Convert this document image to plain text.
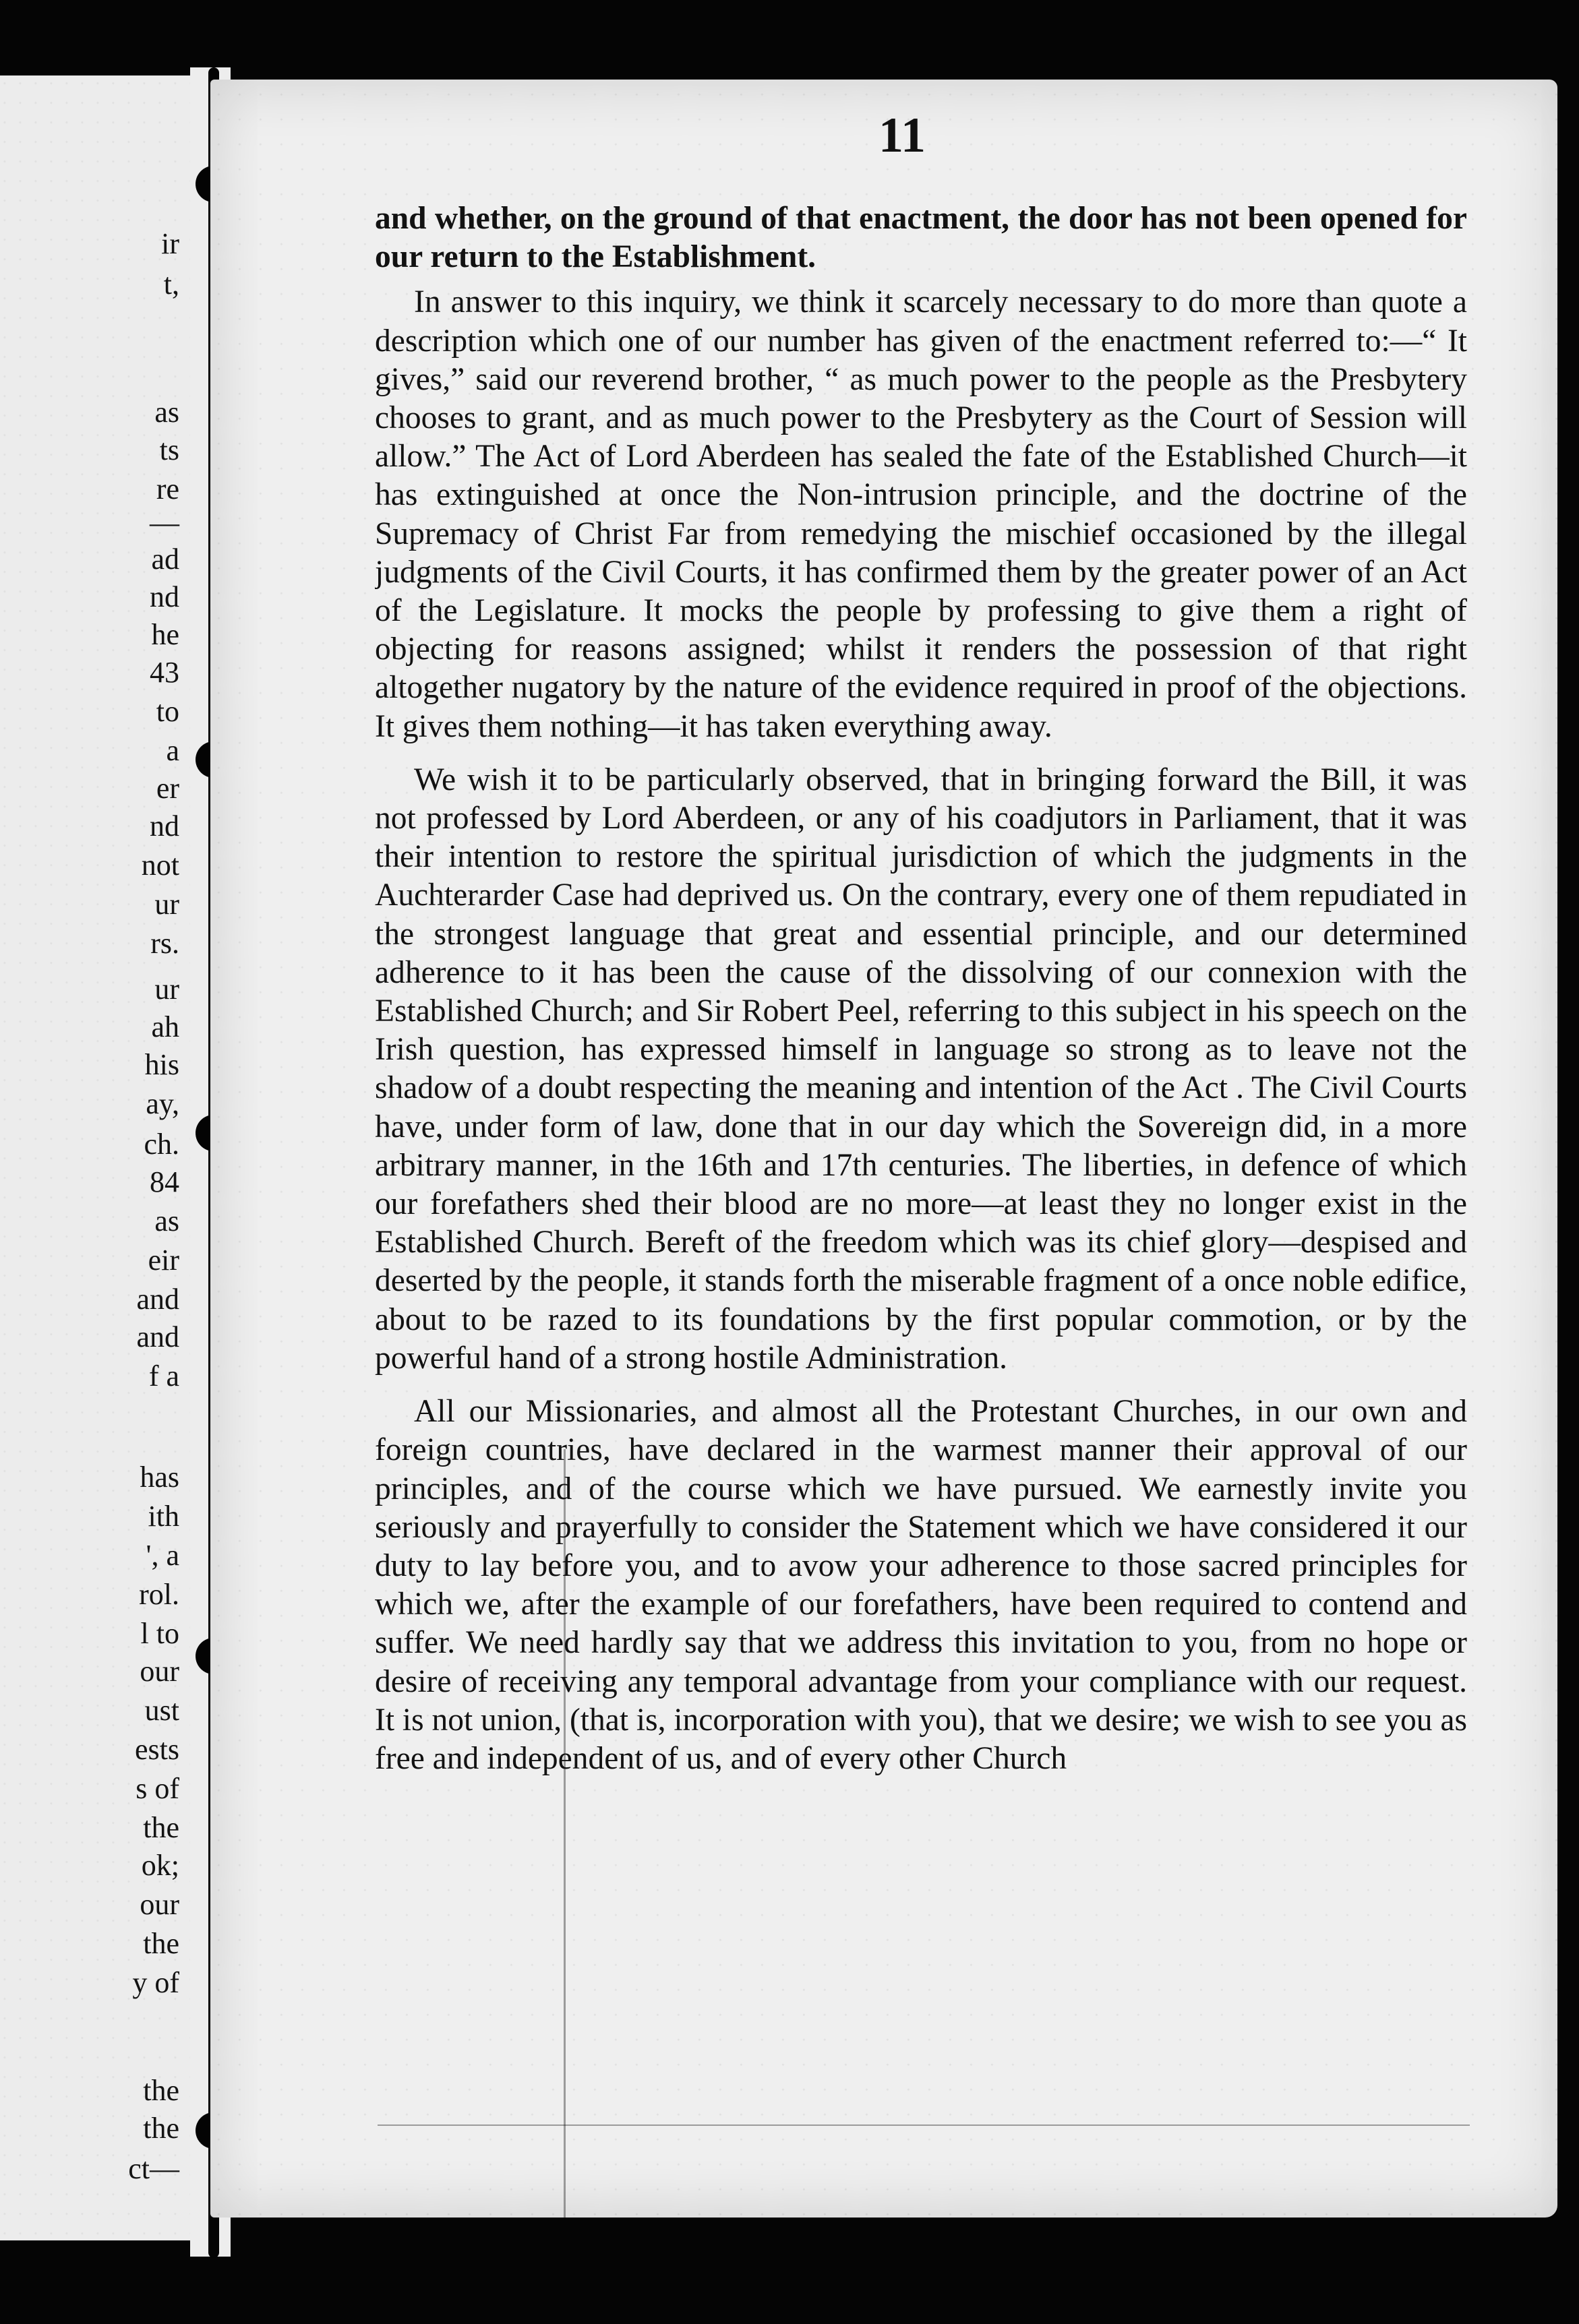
ir
t,
as
ts
re
—
ad
nd
he
43
to
a
er
nd
not
ur
rs.
ur
ah
his
ay,
ch.
84
as
eir
and
and
f a
has
ith
', a
rol.
l to
our
ust
ests
s of
the
ok;
our
the
y of
the
the
ct—
11

and whether, on the ground of that enactment, the door has not been opened for our return to the Establishment.

In answer to this inquiry, we think it scarcely necessary to do more than quote a description which one of our number has given of the enactment referred to:—“ It gives,” said our reverend brother, “ as much power to the people as the Presbytery chooses to grant, and as much power to the Presbytery as the Court of Session will allow.” The Act of Lord Aberdeen has sealed the fate of the Established Church—it has extinguished at once the Non-intrusion principle, and the doctrine of the Supremacy of Christ Far from remedying the mischief occasioned by the illegal judgments of the Civil Courts, it has confirmed them by the greater power of an Act of the Legislature. It mocks the people by professing to give them a right of objecting for reasons assigned; whilst it renders the possession of that right altogether nugatory by the nature of the evidence required in proof of the objections. It gives them nothing—it has taken everything away.

We wish it to be particularly observed, that in bringing forward the Bill, it was not professed by Lord Aberdeen, or any of his coadjutors in Parliament, that it was their intention to restore the spiritual jurisdiction of which the judgments in the Auchterarder Case had deprived us. On the contrary, every one of them repudiated in the strongest language that great and essential principle, and our determined adherence to it has been the cause of the dissolving of our connexion with the Established Church; and Sir Robert Peel, referring to this subject in his speech on the Irish question, has expressed himself in language so strong as to leave not the shadow of a doubt respecting the meaning and intention of the Act . The Civil Courts have, under form of law, done that in our day which the Sovereign did, in a more arbitrary manner, in the 16th and 17th centuries. The liberties, in defence of which our forefathers shed their blood are no more—at least they no longer exist in the Established Church. Bereft of the freedom which was its chief glory—despised and deserted by the people, it stands forth the miserable fragment of a once noble edifice, about to be razed to its foundations by the first popular commotion, or by the powerful hand of a strong hostile Administration.

All our Missionaries, and almost all the Protestant Churches, in our own and foreign countries, have declared in the warmest manner their approval of our principles, and of the course which we have pursued. We earnestly invite you seriously and prayerfully to consider the Statement which we have considered it our duty to lay before you, and to avow your adherence to those sacred principles for which we, after the example of our forefathers, have been required to contend and suffer. We need hardly say that we address this invitation to you, from no hope or desire of receiving any temporal advantage from your compliance with our request. It is not union, (that is, incorporation with you), that we desire; we wish to see you as free and independent of us, and of every other Church
